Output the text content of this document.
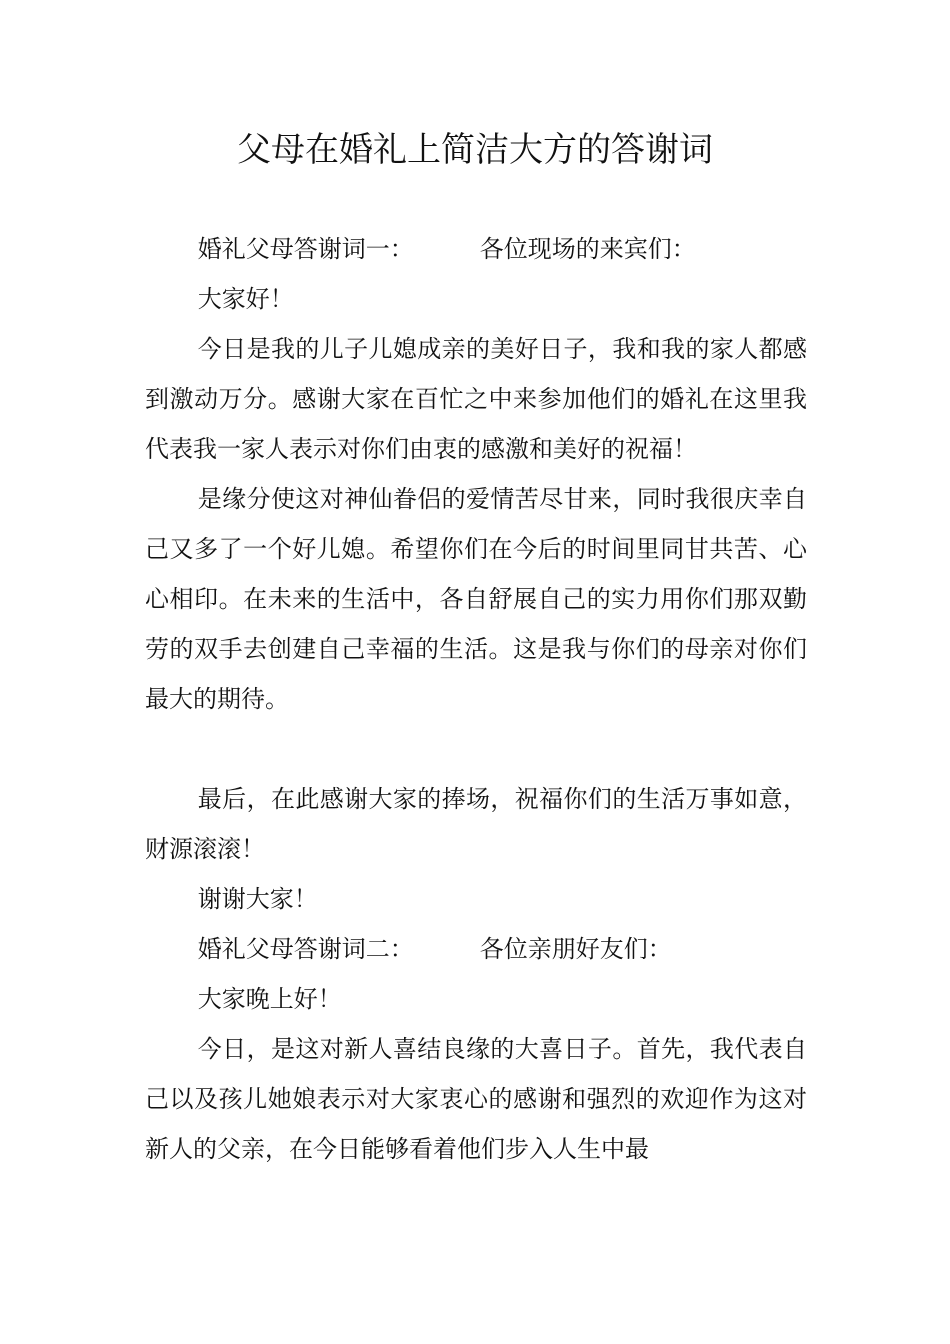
父母在婚礼上简洁大方的答谢词

婚礼父母答谢词一：	各位现场的来宾们：

大家好！

今日是我的儿子儿媳成亲的美好日子，我和我的家人都感到激动万分。感谢大家在百忙之中来参加他们的婚礼在这里我代表我一家人表示对你们由衷的感激和美好的祝福！

是缘分使这对神仙眷侣的爱情苦尽甘来，同时我很庆幸自己又多了一个好儿媳。希望你们在今后的时间里同甘共苦、心心相印。在未来的生活中，各自舒展自己的实力用你们那双勤劳的双手去创建自己幸福的生活。这是我与你们的母亲对你们最大的期待。

最后，在此感谢大家的捧场，祝福你们的生活万事如意，财源滚滚！

谢谢大家！

婚礼父母答谢词二：	各位亲朋好友们：

大家晚上好！

今日，是这对新人喜结良缘的大喜日子。首先，我代表自己以及孩儿她娘表示对大家衷心的感谢和强烈的欢迎作为这对新人的父亲，在今日能够看着他们步入人生中最
